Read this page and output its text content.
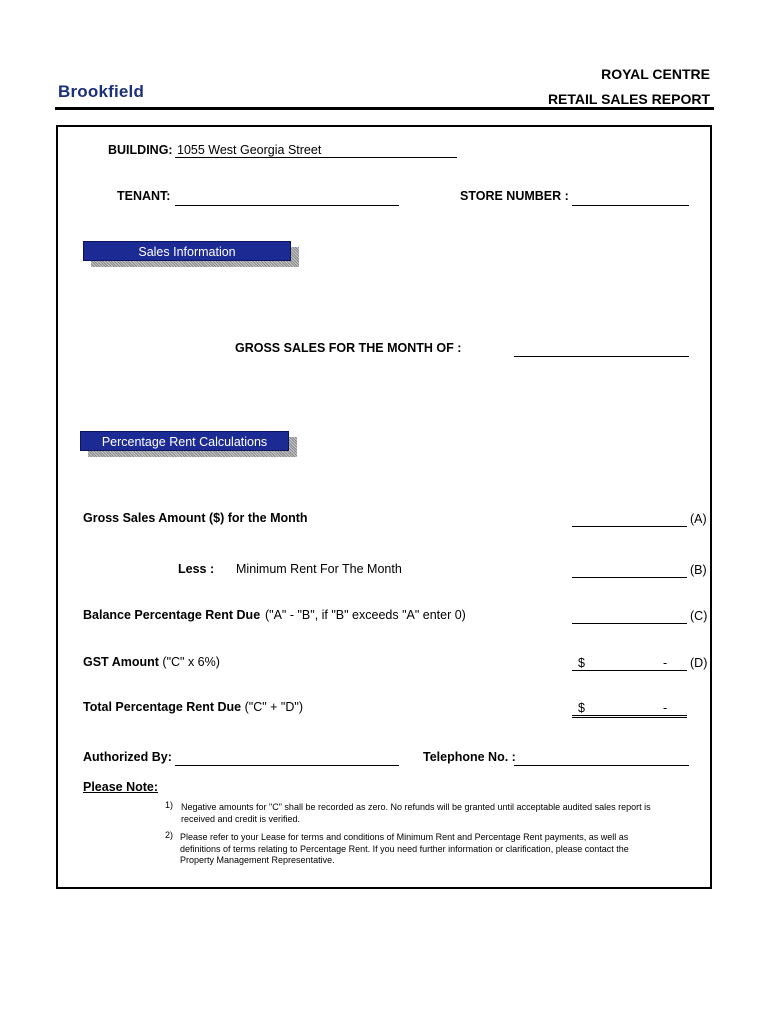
Brookfield
ROYAL CENTRE
RETAIL SALES REPORT
BUILDING: 1055 West Georgia Street
TENANT:	STORE NUMBER :
Sales Information
GROSS SALES FOR THE MONTH OF :
Percentage Rent Calculations
Gross Sales Amount ($) for the Month	(A)
Less : Minimum Rent For The Month	(B)
Balance Percentage Rent Due ("A" - "B", if "B" exceeds "A" enter 0)	(C)
GST Amount ("C" x 6%)	$	- (D)
Total Percentage Rent Due ("C" + "D")	$	-
Authorized By:	Telephone No. :
Please Note:
1) Negative amounts for "C" shall be recorded as zero. No refunds will be granted until acceptable audited sales report is
received and credit is verified.
2) Please refer to your Lease for terms and conditions of Minimum Rent and Percentage Rent payments, as well as
definitions of terms relating to Percentage Rent. If you need further information or clarification, please contact the
Property Management Representative.
